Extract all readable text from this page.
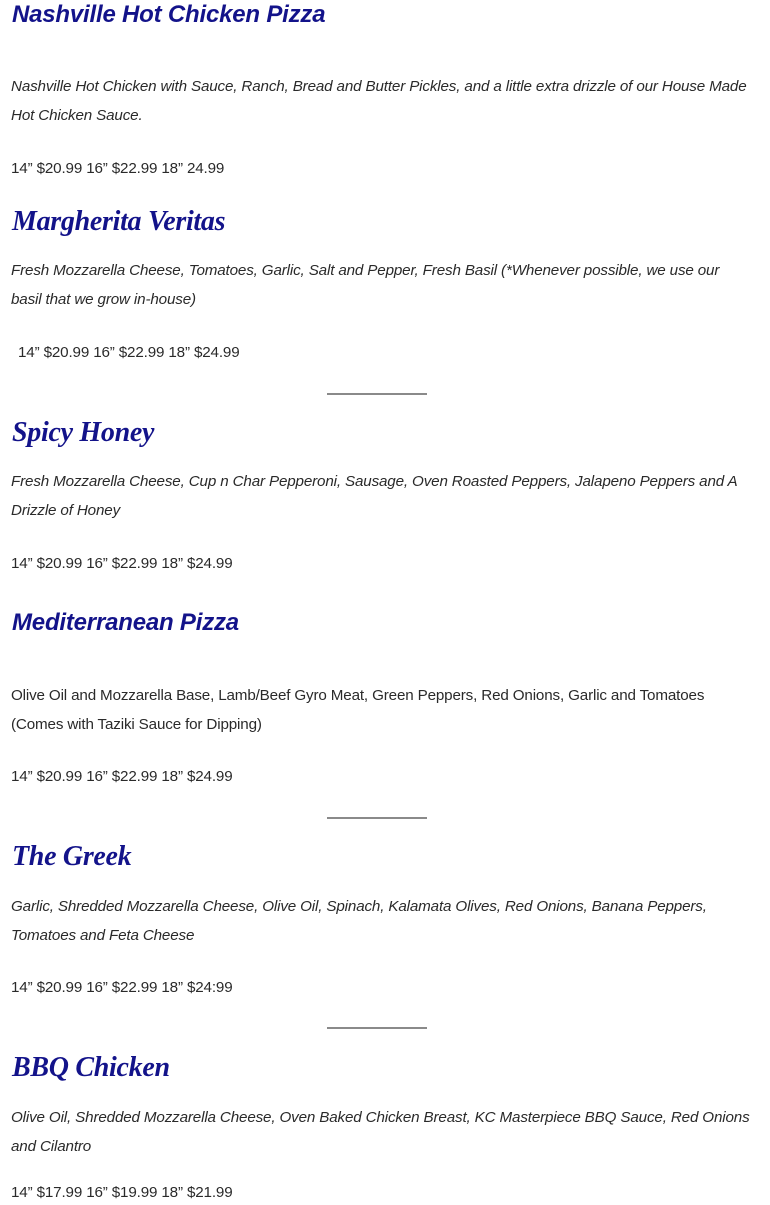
Nashville Hot Chicken Pizza

Nashville Hot Chicken with Sauce, Ranch, Bread and Butter Pickles, and a little extra drizzle of our House Made Hot Chicken Sauce.

14” $20.99 16” $22.99 18” 24.99

Margherita Veritas

Fresh Mozzarella Cheese, Tomatoes, Garlic, Salt and Pepper, Fresh Basil (*Whenever possible, we use our basil that we grow in-house)

14” $20.99 16” $22.99 18” $24.99

Spicy Honey

Fresh Mozzarella Cheese, Cup n Char Pepperoni, Sausage, Oven Roasted Peppers, Jalapeno Peppers and A Drizzle of Honey

14” $20.99 16” $22.99 18” $24.99

Mediterranean Pizza

Olive Oil and Mozzarella Base, Lamb/Beef Gyro Meat, Green Peppers, Red Onions, Garlic and Tomatoes (Comes with Taziki Sauce for Dipping)

14” $20.99 16” $22.99 18” $24.99

The Greek

Garlic, Shredded Mozzarella Cheese, Olive Oil, Spinach, Kalamata Olives, Red Onions, Banana Peppers, Tomatoes and Feta Cheese

14” $20.99 16” $22.99 18” $24:99

BBQ Chicken

Olive Oil, Shredded Mozzarella Cheese, Oven Baked Chicken Breast, KC Masterpiece BBQ Sauce, Red Onions and Cilantro

14” $17.99 16” $19.99 18” $21.99
